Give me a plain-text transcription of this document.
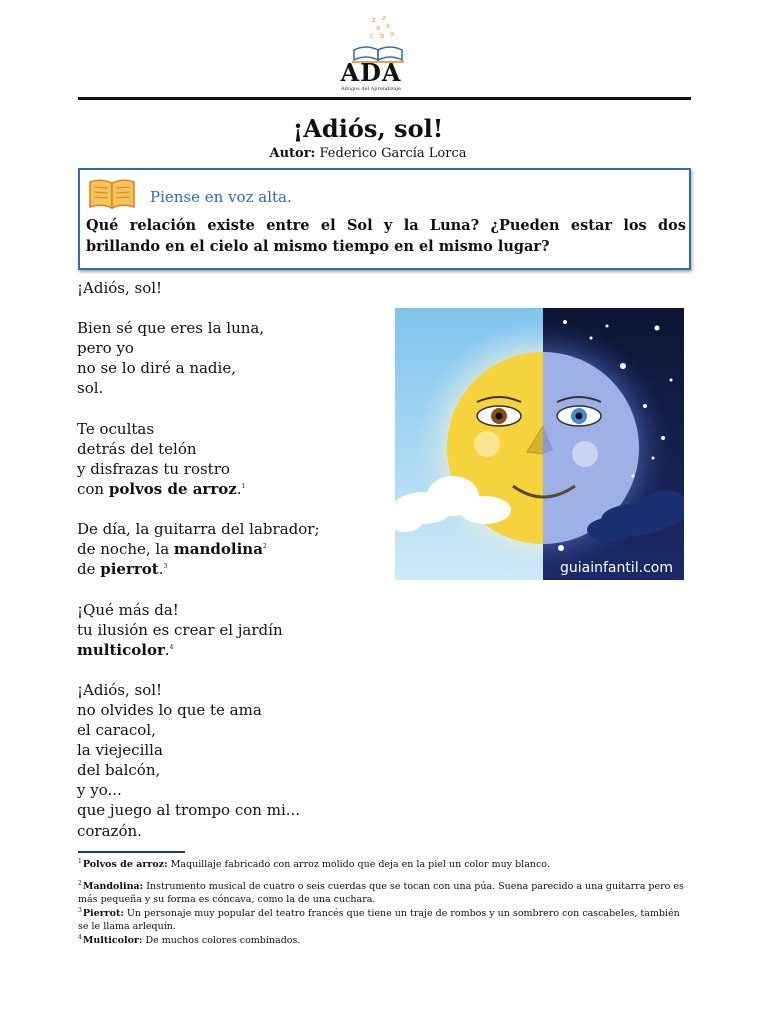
z z
a x
c b a
ADA
Amigos del Aprendizaje
¡Adiós, sol!
Autor: Federico García Lorca
Piense en voz alta.
Qué relación existe entre el Sol y la Luna? ¿Pueden estar los dos brillando en el cielo al mismo tiempo en el mismo lugar?
¡Adiós, sol!
Bien sé que eres la luna,
pero yo
no se lo diré a nadie,
sol.
Te ocultas
detrás del telón
y disfrazas tu rostro
con polvos de arroz.$^1$
De día, la guitarra del labrador;
de noche, la mandolina$^2$
de pierrot.$^3$
¡Qué más da!
tu ilusión es crear el jardín
multicolor.$^4$
¡Adiós, sol!
no olvides lo que te ama
el caracol,
la viejecilla
del balcón,
y yo...
que juego al trompo con mi...
corazón.
guiainfantil.com
$^1$Polvos de arroz: Maquillaje fabricado con arroz molido que deja en la piel un color muy blanco.
$^2$Mandolina: Instrumento musical de cuatro o seis cuerdas que se tocan con una púa. Suena parecido a una guitarra pero es más pequeña y su forma es cóncava, como la de una cuchara.
$^3$Pierrot: Un personaje muy popular del teatro francés que tiene un traje de rombos y un sombrero con cascabeles, también se le llama arlequín.
$^4$Multicolor: De muchos colores combinados.
